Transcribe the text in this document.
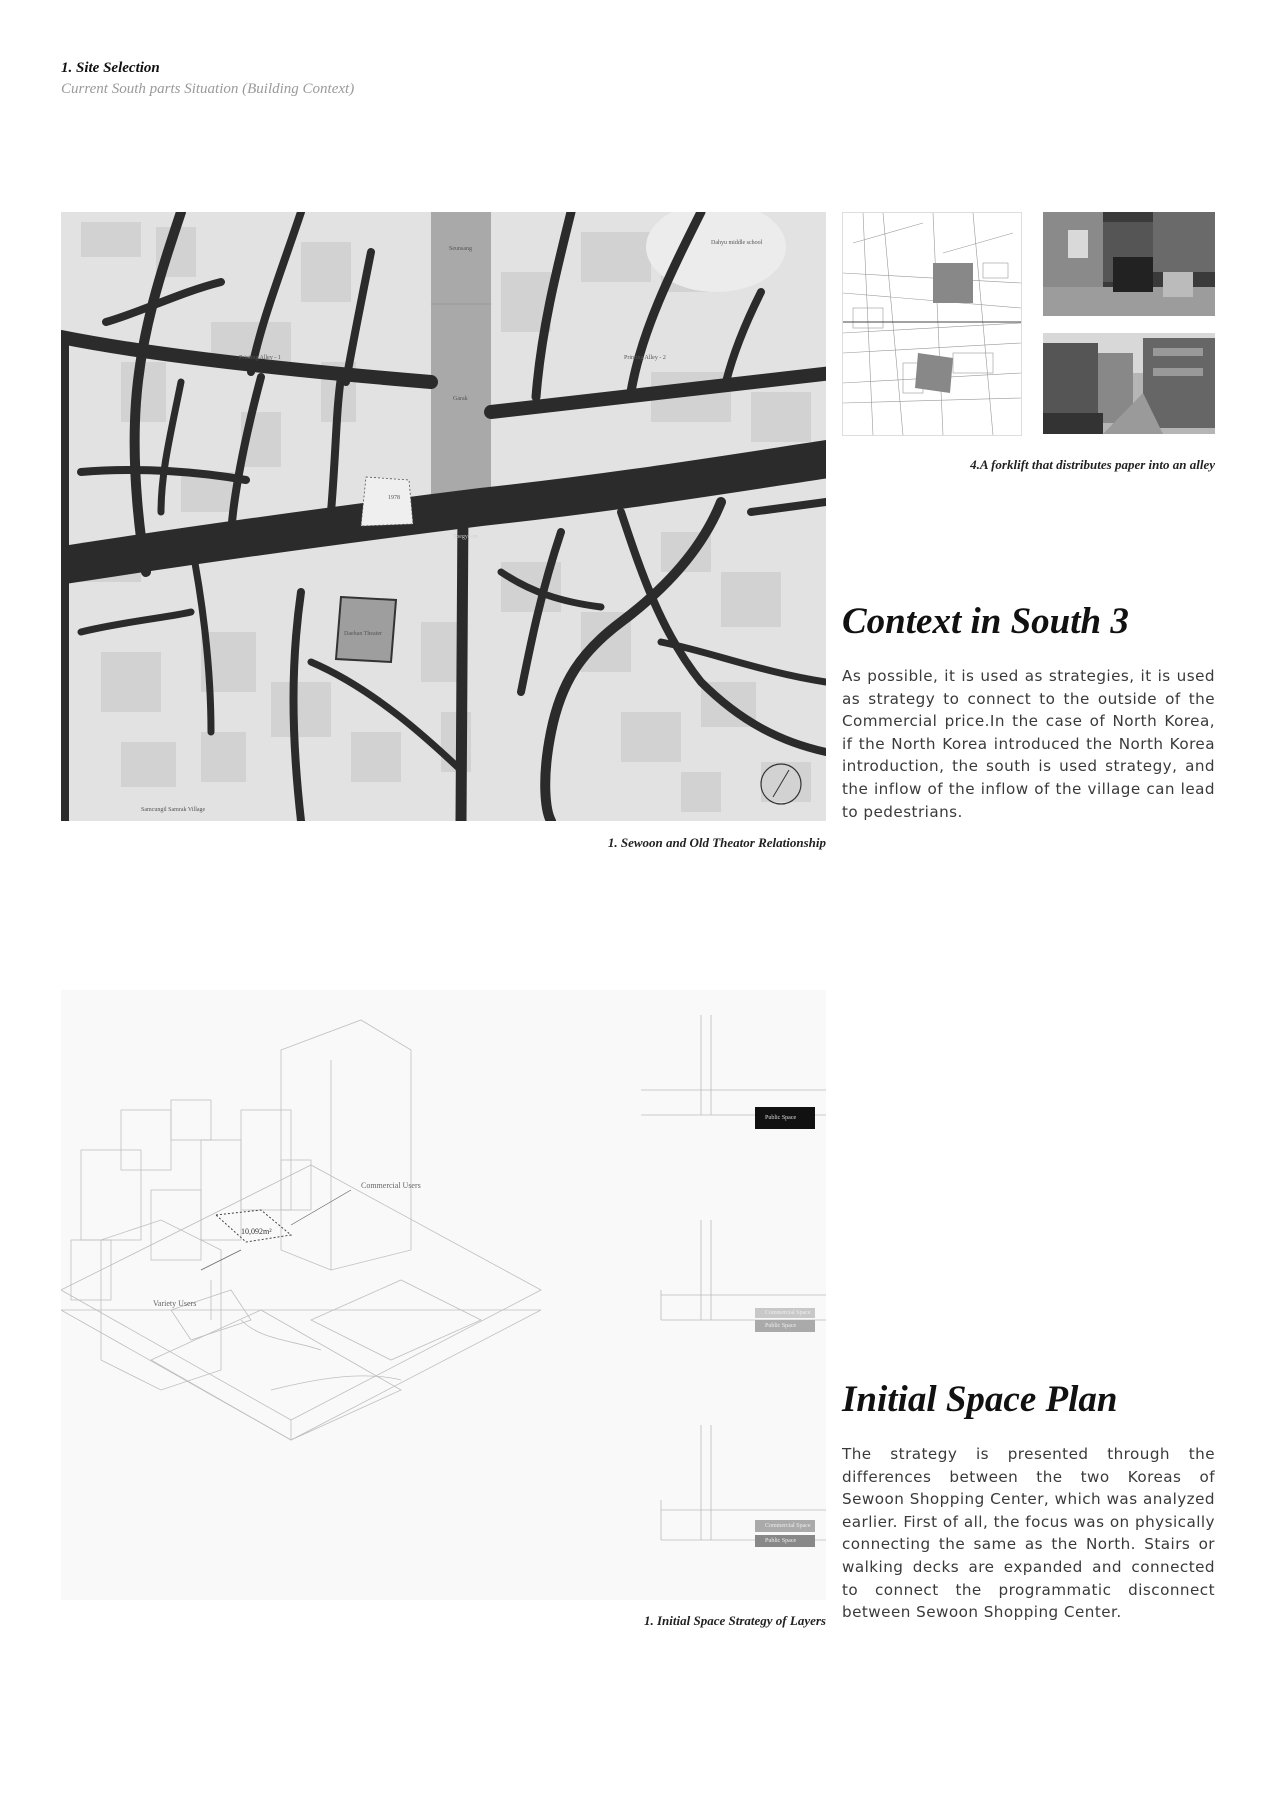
1. Site Selection
Current South parts Situation (Building Context)
Seunsang
Dahyu middle school
Printing Alley - 1	Printing Alley - 2
Garak
1978
Toegye-ro
Daehan Theater
Samcungil Samrak Village
1. Sewoon and Old Theator Relationship
4.A forklift that distributes paper into an alley
Context in South 3
As possible, it is used as strategies, it is used as strategy to connect to the outside of the Commercial price.In the case of North Korea, if the North Korea introduced the North Korea introduction, the south is used strategy, and the inflow of the inflow of the village can lead to pedestrians.
Commercial Users
10,092m²
Variety Users
Public Space
Commercial Space
Public Space
Commercial Space
Public Space
1. Initial Space Strategy of Layers
Initial Space Plan
The strategy is presented through the differences between the two Koreas of Sewoon Shopping Center, which was analyzed earlier. First of all, the focus was on physically connecting the same as the North. Stairs or walking decks are expanded and connected to connect the programmatic disconnect between Sewoon Shopping Center.
